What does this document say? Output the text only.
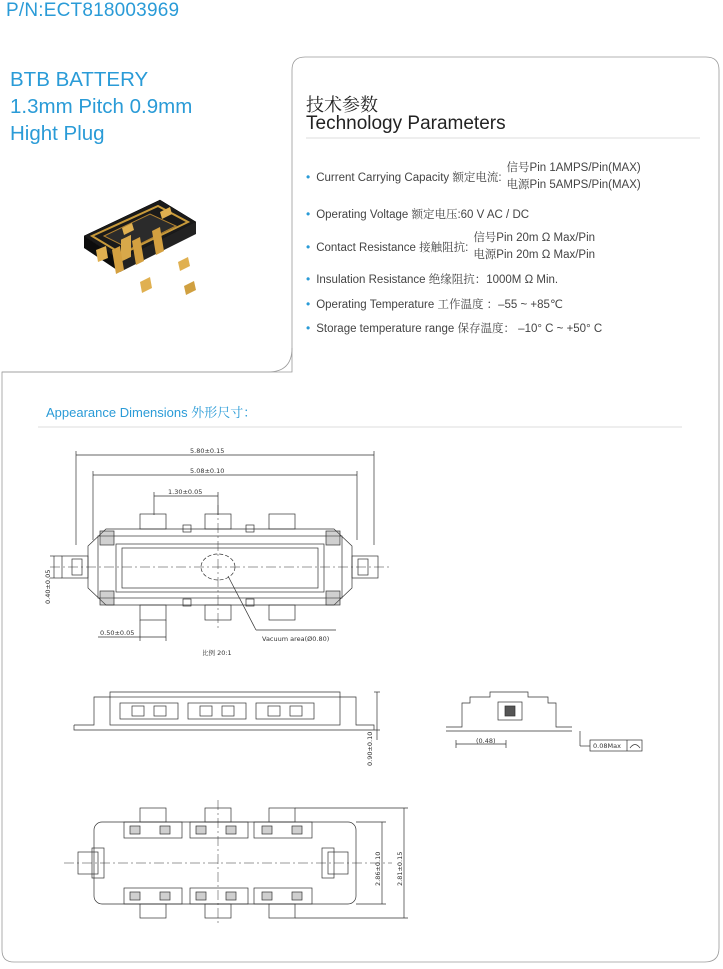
P/N:ECT818003969
BTB BATTERY
1.3mm Pitch 0.9mm
Hight Plug
技术参数
Technology Parameters
• Current Carrying Capacity 额定电流:
信号Pin 1AMPS/Pin(MAX)
电源Pin 5AMPS/Pin(MAX)
• Operating Voltage 额定电压:60 V AC / DC
• Contact Resistance 接触阻抗:
信号Pin 20m Ω Max/Pin
电源Pin 20m Ω Max/Pin
• Insulation Resistance 绝缘阻抗：1000M Ω Min.
• Operating Temperature 工作温度 ：–55 ~ +85℃
• Storage temperature range 保存温度： –10° C ~ +50° C
Appearance Dimensions 外形尺寸：
5.80±0.15
5.08±0.10
1.30±0.05
0.40±0.05
0.50±0.05
Vacuum area(Ø0.80)
比例 20:1
0.90±0.10	(0.48)
0.08Max
2.86±0.10 2.81±0.15
